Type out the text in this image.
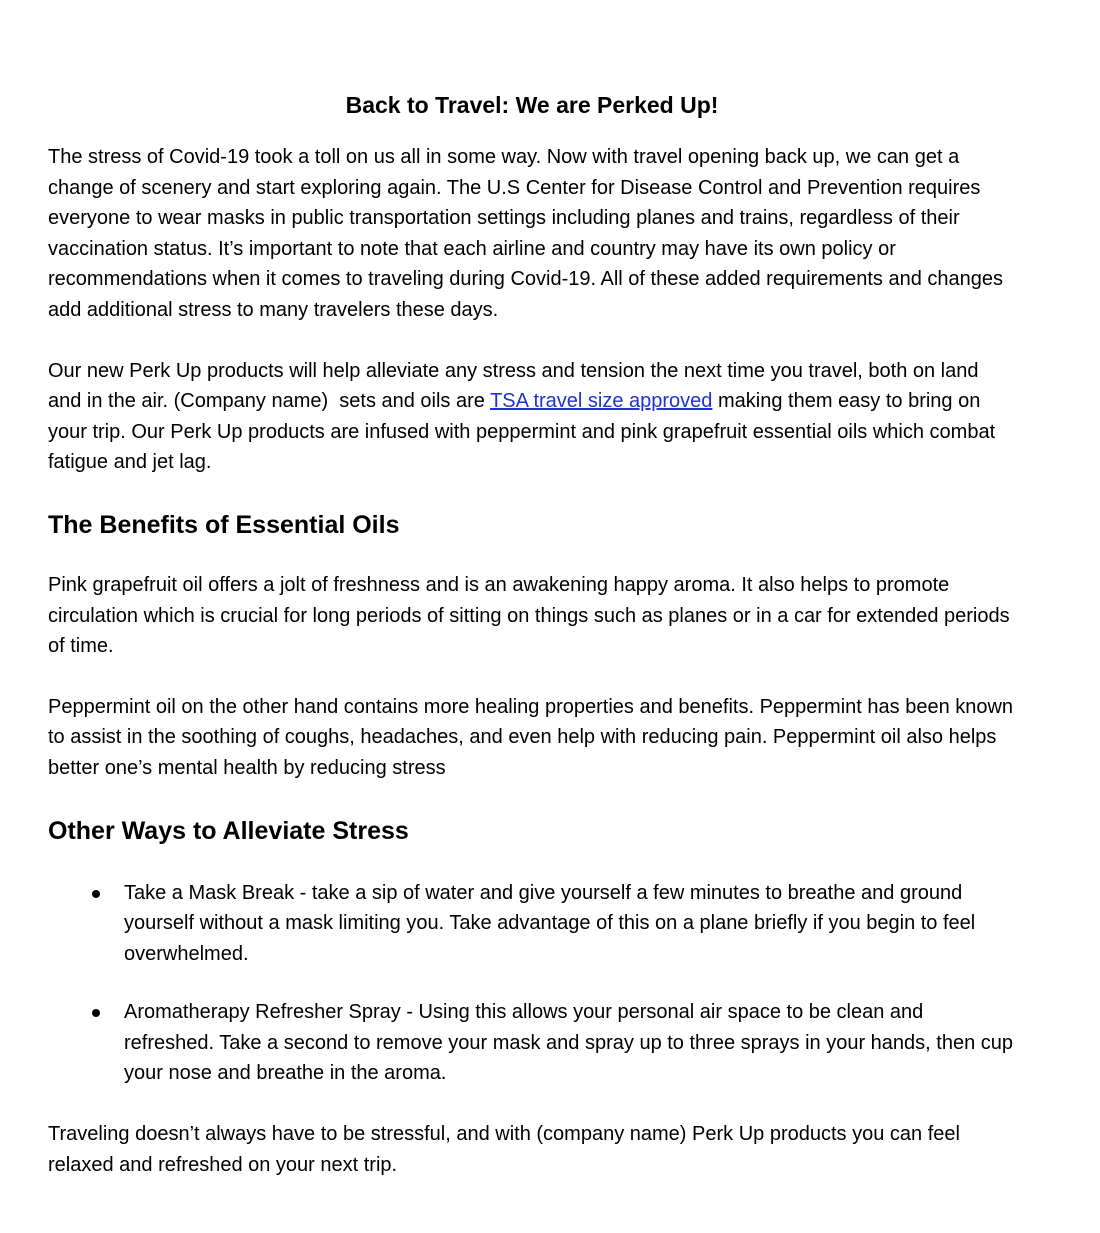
Back to Travel: We are Perked Up!

The stress of Covid-19 took a toll on us all in some way. Now with travel opening back up, we can get a change of scenery and start exploring again. The U.S Center for Disease Control and Prevention requires everyone to wear masks in public transportation settings including planes and trains, regardless of their vaccination status. It’s important to note that each airline and country may have its own policy or recommendations when it comes to traveling during Covid-19. All of these added requirements and changes add additional stress to many travelers these days.

Our new Perk Up products will help alleviate any stress and tension the next time you travel, both on land and in the air. (Company name)  sets and oils are TSA travel size approved making them easy to bring on your trip. Our Perk Up products are infused with peppermint and pink grapefruit essential oils which combat fatigue and jet lag.

The Benefits of Essential Oils

Pink grapefruit oil offers a jolt of freshness and is an awakening happy aroma. It also helps to promote circulation which is crucial for long periods of sitting on things such as planes or in a car for extended periods of time.

Peppermint oil on the other hand contains more healing properties and benefits. Peppermint has been known to assist in the soothing of coughs, headaches, and even help with reducing pain. Peppermint oil also helps better one’s mental health by reducing stress

Other Ways to Alleviate Stress
Take a Mask Break - take a sip of water and give yourself a few minutes to breathe and ground yourself without a mask limiting you. Take advantage of this on a plane briefly if you begin to feel overwhelmed.
Aromatherapy Refresher Spray - Using this allows your personal air space to be clean and refreshed. Take a second to remove your mask and spray up to three sprays in your hands, then cup your nose and breathe in the aroma.

Traveling doesn’t always have to be stressful, and with (company name) Perk Up products you can feel relaxed and refreshed on your next trip.
